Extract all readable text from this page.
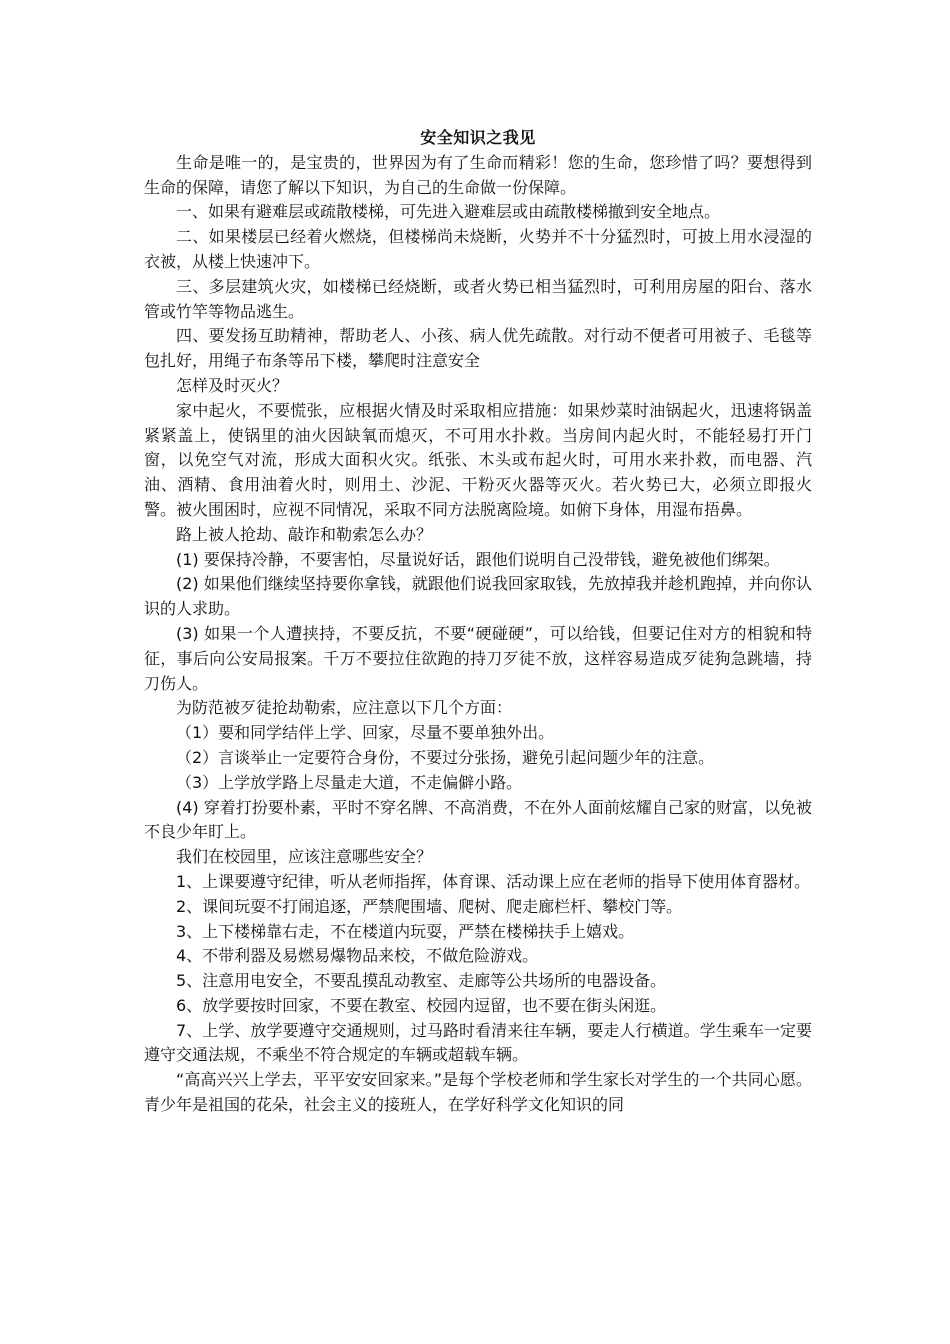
安全知识之我见

生命是唯一的，是宝贵的，世界因为有了生命而精彩！您的生命，您珍惜了吗？要想得到生命的保障，请您了解以下知识，为自己的生命做一份保障。

一、如果有避难层或疏散楼梯，可先进入避难层或由疏散楼梯撤到安全地点。

二、如果楼层已经着火燃烧，但楼梯尚未烧断，火势并不十分猛烈时，可披上用水浸湿的衣被，从楼上快速冲下。

三、多层建筑火灾，如楼梯已经烧断，或者火势已相当猛烈时，可利用房屋的阳台、落水管或竹竿等物品逃生。

四、要发扬互助精神，帮助老人、小孩、病人优先疏散。对行动不便者可用被子、毛毯等包扎好，用绳子布条等吊下楼，攀爬时注意安全

怎样及时灭火？

家中起火，不要慌张，应根据火情及时采取相应措施：如果炒菜时油锅起火，迅速将锅盖紧紧盖上，使锅里的油火因缺氧而熄灭，不可用水扑救。当房间内起火时，不能轻易打开门窗，以免空气对流，形成大面积火灾。纸张、木头或布起火时，可用水来扑救，而电器、汽油、酒精、食用油着火时，则用土、沙泥、干粉灭火器等灭火。若火势已大，必须立即报火警。被火围困时，应视不同情况，采取不同方法脱离险境。如俯下身体，用湿布捂鼻。

路上被人抢劫、敲诈和勒索怎么办？

(1) 要保持冷静，不要害怕，尽量说好话，跟他们说明自己没带钱，避免被他们绑架。

(2) 如果他们继续坚持要你拿钱，就跟他们说我回家取钱，先放掉我并趁机跑掉，并向你认识的人求助。

(3) 如果一个人遭挟持，不要反抗，不要“硬碰硬”，可以给钱，但要记住对方的相貌和特征，事后向公安局报案。千万不要拉住欲跑的持刀歹徒不放，这样容易造成歹徒狗急跳墙，持刀伤人。

为防范被歹徒抢劫勒索，应注意以下几个方面：

（1）要和同学结伴上学、回家，尽量不要单独外出。

（2）言谈举止一定要符合身份，不要过分张扬，避免引起问题少年的注意。

（3）上学放学路上尽量走大道，不走偏僻小路。

(4) 穿着打扮要朴素，平时不穿名牌、不高消费，不在外人面前炫耀自己家的财富，以免被不良少年盯上。

我们在校园里，应该注意哪些安全？

1、上课要遵守纪律，听从老师指挥，体育课、活动课上应在老师的指导下使用体育器材。

2、课间玩耍不打闹追逐，严禁爬围墙、爬树、爬走廊栏杆、攀校门等。

3、上下楼梯靠右走，不在楼道内玩耍，严禁在楼梯扶手上嬉戏。

4、不带利器及易燃易爆物品来校，不做危险游戏。

5、注意用电安全，不要乱摸乱动教室、走廊等公共场所的电器设备。

6、放学要按时回家，不要在教室、校园内逗留，也不要在街头闲逛。

7、上学、放学要遵守交通规则，过马路时看清来往车辆，要走人行横道。学生乘车一定要遵守交通法规，不乘坐不符合规定的车辆或超载车辆。

“高高兴兴上学去，平平安安回家来。”是每个学校老师和学生家长对学生的一个共同心愿。青少年是祖国的花朵，社会主义的接班人，在学好科学文化知识的同
